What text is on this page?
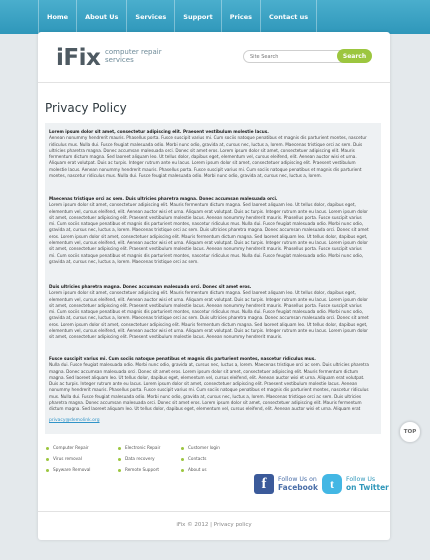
Home	About Us	Services	Support	Prices	Contact us
iFix computer repair services
Site Search	Search
Privacy Policy
Lorem ipsum dolor sit amet, consectetur adipiscing elit. Praesent vestibulum molestie lacus.
Aenean nonummy hendrerit mauris. Phasellus porta. Fusce suscipit varius mi. Cum sociis natoque penatibus et magnis dis parturient montes, nascetur ridiculus mus. Nulla dui. Fusce feugiat malesuada odio. Morbi nunc odio, gravida at, cursus nec, luctus a, lorem. Maecenas tristique orci ac sem. Duis ultricies pharetra magna. Donec accumsan malesuada orci. Donec sit amet eros. Lorem ipsum dolor sit amet, consectetuer adipiscing elit. Mauris fermentum dictum magna. Sed laoreet aliquam leo. Ut tellus dolor, dapibus eget, elementum vel, cursus eleifend, elit. Aenean auctor wisi et urna. Aliquam erat volutpat. Duis ac turpis. Integer rutrum ante eu lacus. Lorem ipsum dolor sit amet, consectetuer adipiscing elit. Praesent vestibulum molestie lacus. Aenean nonummy hendrerit mauris. Phasellus porta. Fusce suscipit varius mi. Cum sociis natoque penatibus et magnis dis parturient montes, nascetur ridiculus mus. Nulla dui. Fusce feugiat malesuada odio. Morbi nunc odio, gravida at, cursus nec, luctus a, lorem.
Maecenas tristique orci ac sem. Duis ultricies pharetra magna. Donec accumsan malesuada orci.
Lorem ipsum dolor sit amet, consectetuer adipiscing elit. Mauris fermentum dictum magna. Sed laoreet aliquam leo. Ut tellus dolor, dapibus eget, elementum vel, cursus eleifend, elit. Aenean auctor wisi et urna. Aliquam erat volutpat. Duis ac turpis. Integer rutrum ante eu lacus. Lorem ipsum dolor sit amet, consectetuer adipiscing elit. Praesent vestibulum molestie lacus. Aenean nonummy hendrerit mauris. Phasellus porta. Fusce suscipit varius mi. Cum sociis natoque penatibus et magnis dis parturient montes, nascetur ridiculus mus. Nulla dui. Fusce feugiat malesuada odio. Morbi nunc odio, gravida at, cursus nec, luctus a, lorem. Maecenas tristique orci ac sem. Duis ultricies pharetra magna. Donec accumsan malesuada orci. Donec sit amet eros. Lorem ipsum dolor sit amet, consectetuer adipiscing elit. Mauris fermentum dictum magna. Sed laoreet aliquam leo. Ut tellus dolor, dapibus eget, elementum vel, cursus eleifend, elit. Aenean auctor wisi et urna. Aliquam erat volutpat. Duis ac turpis. Integer rutrum ante eu lacus. Lorem ipsum dolor sit amet, consectetuer adipiscing elit. Praesent vestibulum molestie lacus. Aenean nonummy hendrerit mauris. Phasellus porta. Fusce suscipit varius mi. Cum sociis natoque penatibus et magnis dis parturient montes, nascetur ridiculus mus. Nulla dui. Fusce feugiat malesuada odio. Morbi nunc odio, gravida at, cursus nec, luctus a, lorem. Maecenas tristique orci ac sem.
Duis ultricies pharetra magna. Donec accumsan malesuada orci. Donec sit amet eros.
Lorem ipsum dolor sit amet, consectetuer adipiscing elit. Mauris fermentum dictum magna. Sed laoreet aliquam leo. Ut tellus dolor, dapibus eget, elementum vel, cursus eleifend, elit. Aenean auctor wisi et urna. Aliquam erat volutpat. Duis ac turpis. Integer rutrum ante eu lacus. Lorem ipsum dolor sit amet, consectetuer adipiscing elit. Praesent vestibulum molestie lacus. Aenean nonummy hendrerit mauris. Phasellus porta. Fusce suscipit varius mi. Cum sociis natoque penatibus et magnis dis parturient montes, nascetur ridiculus mus. Nulla dui. Fusce feugiat malesuada odio. Morbi nunc odio, gravida at, cursus nec, luctus a, lorem. Maecenas tristique orci ac sem. Duis ultricies pharetra magna. Donec accumsan malesuada orci. Donec sit amet eros. Lorem ipsum dolor sit amet, consectetuer adipiscing elit. Mauris fermentum dictum magna. Sed laoreet aliquam leo. Ut tellus dolor, dapibus eget, elementum vel, cursus eleifend, elit. Aenean auctor wisi et urna. Aliquam erat volutpat. Duis ac turpis. Integer rutrum ante eu lacus. Lorem ipsum dolor sit amet, consectetuer adipiscing elit. Praesent vestibulum molestie lacus. Aenean nonummy hendrerit mauris.
Fusce suscipit varius mi. Cum sociis natoque penatibus et magnis dis parturient montes, nascetur ridiculus mus.
Nulla dui. Fusce feugiat malesuada odio. Morbi nunc odio, gravida at, cursus nec, luctus a, lorem. Maecenas tristique orci ac sem. Duis ultricies pharetra magna. Donec accumsan malesuada orci. Donec sit amet eros. Lorem ipsum dolor sit amet, consectetuer adipiscing elit. Mauris fermentum dictum magna. Sed laoreet aliquam leo. Ut tellus dolor, dapibus eget, elementum vel, cursus eleifend, elit. Aenean auctor wisi et urna. Aliquam erat volutpat. Duis ac turpis. Integer rutrum ante eu lacus. Lorem ipsum dolor sit amet, consectetuer adipiscing elit. Praesent vestibulum molestie lacus. Aenean nonummy hendrerit mauris. Phasellus porta. Fusce suscipit varius mi. Cum sociis natoque penatibus et magnis dis parturient montes, nascetur ridiculus mus. Nulla dui. Fusce feugiat malesuada odio. Morbi nunc odio, gravida at, cursus nec, luctus a, lorem. Maecenas tristique orci ac sem. Duis ultricies pharetra magna. Donec accumsan malesuada orci. Donec sit amet eros. Lorem ipsum dolor sit amet, consectetuer adipiscing elit. Mauris fermentum dictum magna. Sed laoreet aliquam leo. Ut tellus dolor, dapibus eget, elementum vel, cursus eleifend, elit. Aenean auctor wisi et urna. Aliquam erat
privacy@demolink.org
Computer Repair	Electronic Repair	Customer login
Virus removal	Data recovery	Contacts
Spyware Removal	Remote Support	About us
f	Follow Us on
Facebook	t	Follow Us
on Twitter
iFix © 2012 | Privacy policy
TOP
